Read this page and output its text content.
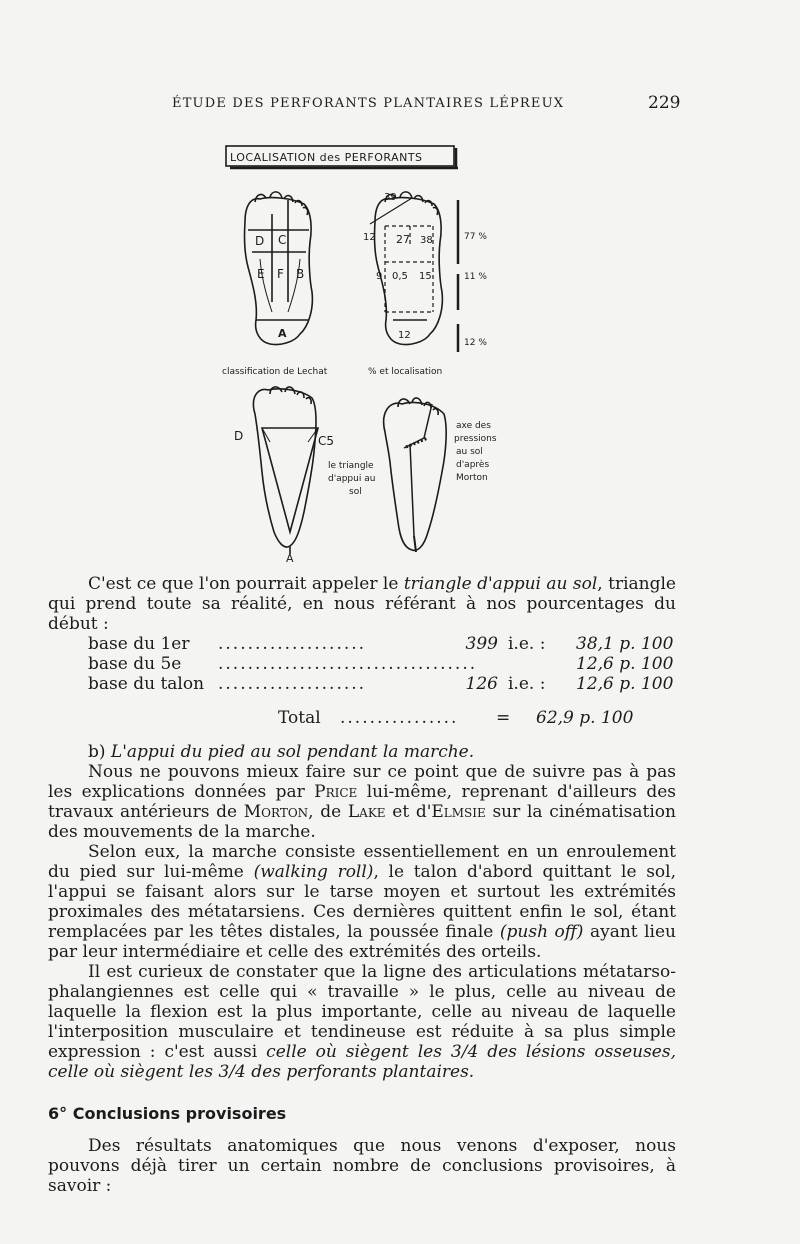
ÉTUDE DES PERFORANTS PLANTAIRES LÉPREUX	229
LOCALISATION des PERFORANTS
D C
E F B
A
classification de Lechat
39
12 27 38
9 0,5 15
12
77 %
11 %
12 %
% et localisation
D	C5
A
le triangle
d'appui au
sol
axe des
pressions
au sol
d'après
Morton

C'est ce que l'on pourrait appeler le triangle d'appui au sol, triangle qui prend toute sa réalité, en nous référant à nos pourcentages du début :

base du 1er ....................	399 i.e. : 38,1 p. 100
base du 5e ...................................	12,6 p. 100
base du talon ....................	126 i.e. : 12,6 p. 100
Total ................	= 62,9 p. 100

b) L'appui du pied au sol pendant la marche.

Nous ne pouvons mieux faire sur ce point que de suivre pas à pas les explications données par Price lui-même, reprenant d'ailleurs des travaux antérieurs de Morton, de Lake et d'Elmsie sur la cinématisation des mouvements de la marche.

Selon eux, la marche consiste essentiellement en un enroulement du pied sur lui-même (walking roll), le talon d'abord quittant le sol, l'appui se faisant alors sur le tarse moyen et surtout les extrémités proximales des métatarsiens. Ces dernières quittent enfin le sol, étant remplacées par les têtes distales, la poussée finale (push off) ayant lieu par leur intermédiaire et celle des extrémités des orteils.

Il est curieux de constater que la ligne des articulations métatarso-phalangiennes est celle qui « travaille » le plus, celle au niveau de laquelle la flexion est la plus importante, celle au niveau de laquelle l'interposition musculaire et tendineuse est réduite à sa plus simple expression : c'est aussi celle où siègent les 3/4 des lésions osseuses, celle où siègent les 3/4 des perforants plantaires.

6° Conclusions provisoires

Des résultats anatomiques que nous venons d'exposer, nous pouvons déjà tirer un certain nombre de conclusions provisoires, à savoir :
